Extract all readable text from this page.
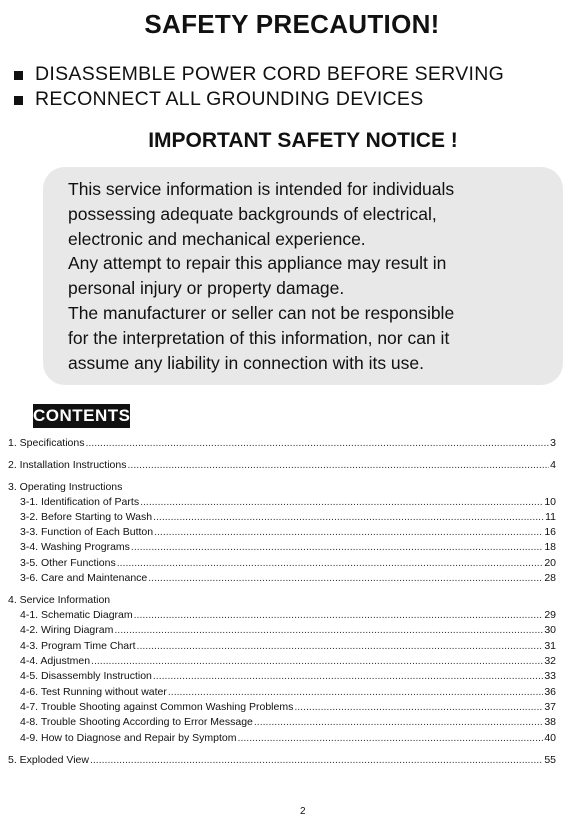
SAFETY PRECAUTION!
DISASSEMBLE POWER CORD BEFORE SERVING
RECONNECT ALL GROUNDING DEVICES
IMPORTANT SAFETY NOTICE !
This service information is intended for individuals
possessing adequate backgrounds of electrical,
electronic and mechanical experience.
Any attempt to repair this appliance may result in
personal injury or property damage.
The manufacturer or seller can not be responsible
for the interpretation of this information, nor can it
assume any liability in connection with its use.
CONTENTS
1. Specifications .....	3
2. Installation Instructions .....	4
3. Operating Instructions
3-1. Identification of Parts .....	10
3-2. Before Starting to Wash .....	11
3-3. Function of Each Button .....	16
3-4. Washing Programs .....	18
3-5. Other Functions .....	20
3-6. Care and Maintenance .....	28
4. Service Information
4-1. Schematic Diagram .....	29
4-2. Wiring Diagram .....	30
4-3. Program Time Chart .....	31
4-4. Adjustmen .....	32
4-5. Disassembly Instruction .....	33
4-6. Test Running without water .....	36
4-7. Trouble Shooting against Common Washing Problems .....	37
4-8. Trouble Shooting According to Error Message .....	38
4-9. How to Diagnose and Repair by Symptom .....	40
5. Exploded View .....	55
2
